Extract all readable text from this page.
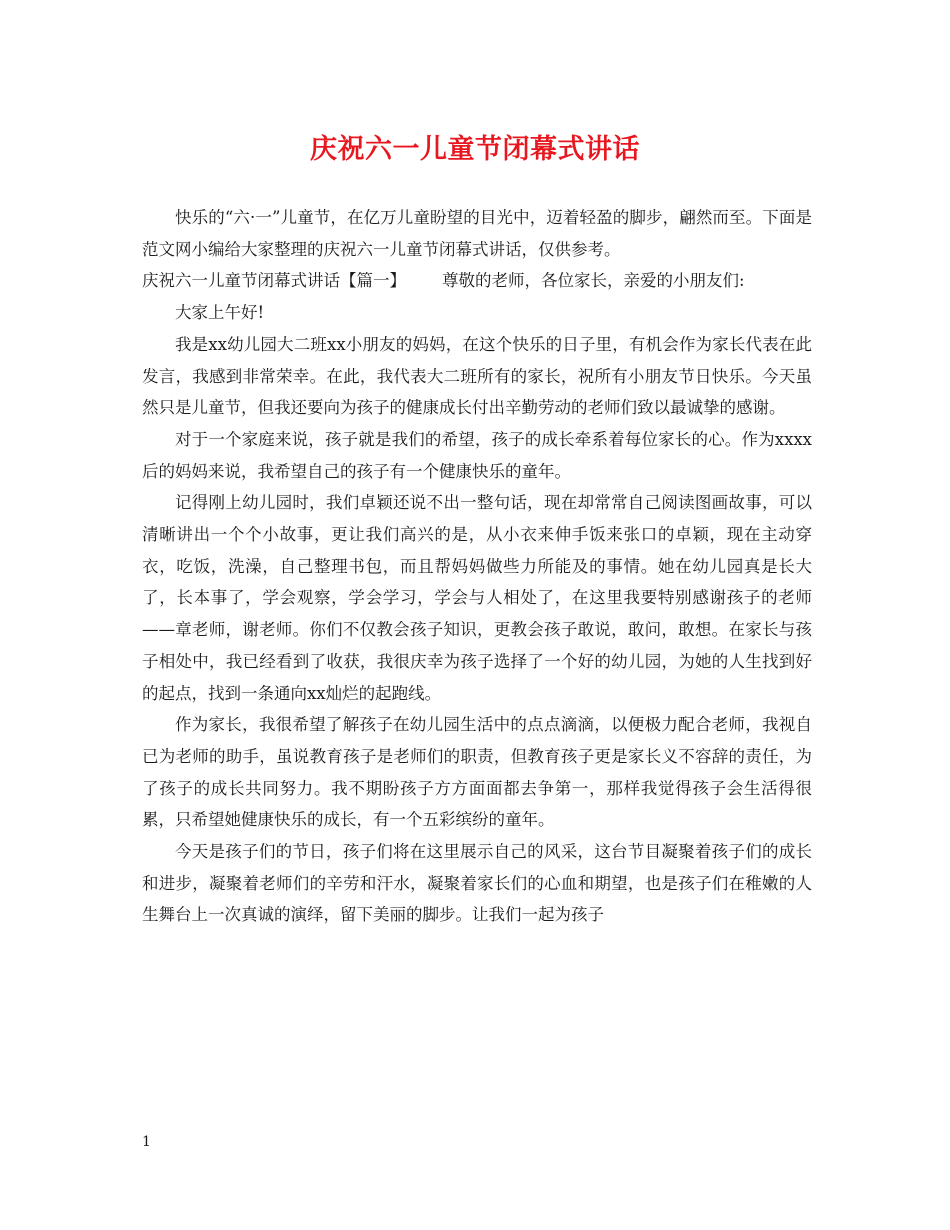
庆祝六一儿童节闭幕式讲话

快乐的“六·一”儿童节，在亿万儿童盼望的目光中，迈着轻盈的脚步，翩然而至。下面是范文网小编给大家整理的庆祝六一儿童节闭幕式讲话，仅供参考。

庆祝六一儿童节闭幕式讲话【篇一】 尊敬的老师，各位家长，亲爱的小朋友们:

大家上午好!

我是xx幼儿园大二班xx小朋友的妈妈，在这个快乐的日子里，有机会作为家长代表在此发言，我感到非常荣幸。在此，我代表大二班所有的家长，祝所有小朋友节日快乐。今天虽然只是儿童节，但我还要向为孩子的健康成长付出辛勤劳动的老师们致以最诚挚的感谢。

对于一个家庭来说，孩子就是我们的希望，孩子的成长牵系着每位家长的心。作为xxxx后的妈妈来说，我希望自己的孩子有一个健康快乐的童年。

记得刚上幼儿园时，我们卓颖还说不出一整句话，现在却常常自己阅读图画故事，可以清晰讲出一个个小故事，更让我们高兴的是，从小衣来伸手饭来张口的卓颖，现在主动穿衣，吃饭，洗澡，自己整理书包，而且帮妈妈做些力所能及的事情。她在幼儿园真是长大了，长本事了，学会观察，学会学习，学会与人相处了，在这里我要特别感谢孩子的老师——章老师，谢老师。你们不仅教会孩子知识，更教会孩子敢说，敢问，敢想。在家长与孩子相处中，我已经看到了收获，我很庆幸为孩子选择了一个好的幼儿园，为她的人生找到好的起点，找到一条通向xx灿烂的起跑线。

作为家长，我很希望了解孩子在幼儿园生活中的点点滴滴，以便极力配合老师，我视自已为老师的助手，虽说教育孩子是老师们的职责，但教育孩子更是家长义不容辞的责任，为了孩子的成长共同努力。我不期盼孩子方方面面都去争第一，那样我觉得孩子会生活得很累，只希望她健康快乐的成长，有一个五彩缤纷的童年。

今天是孩子们的节日，孩子们将在这里展示自己的风采，这台节目凝聚着孩子们的成长和进步，凝聚着老师们的辛劳和汗水，凝聚着家长们的心血和期望，也是孩子们在稚嫩的人生舞台上一次真诚的演绎，留下美丽的脚步。让我们一起为孩子

1
